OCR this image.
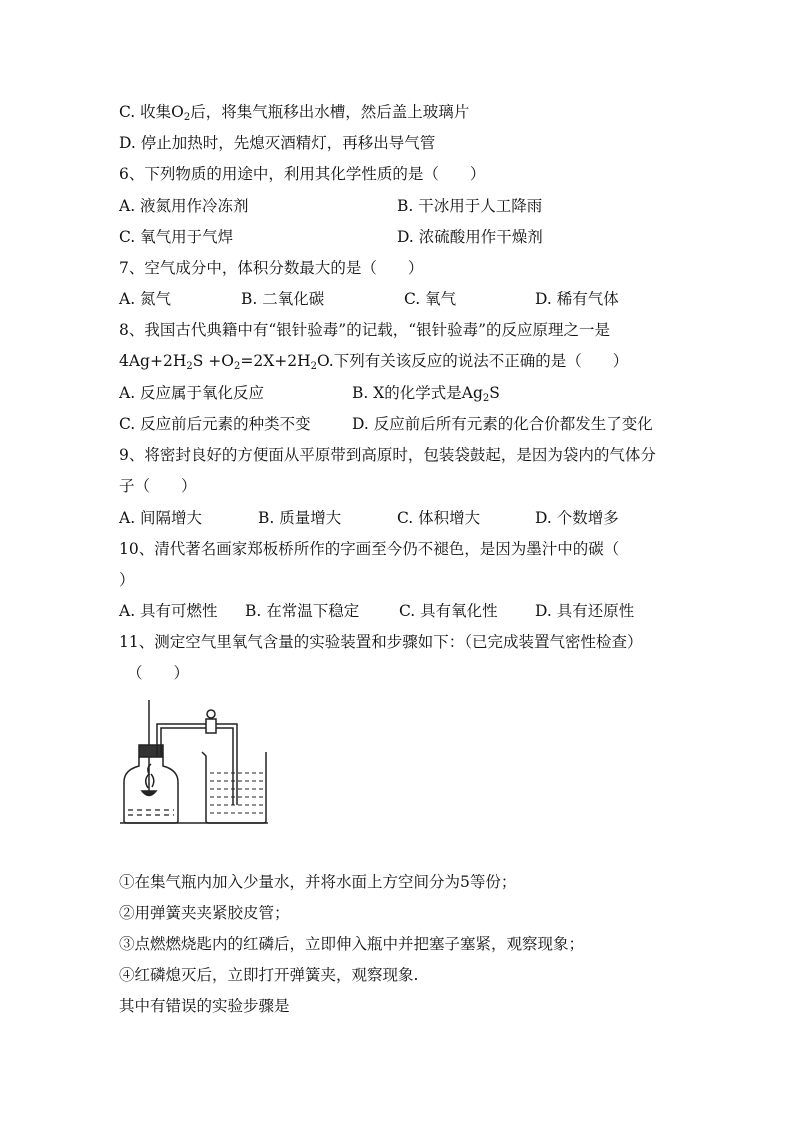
C. 收集$O_2$后，将集气瓶移出水槽，然后盖上玻璃片
D. 停止加热时，先熄灭酒精灯，再移出导气管
6、下列物质的用途中，利用其化学性质的是（　　）
A. 液氮用作冷冻剂	B. 干冰用于人工降雨
C. 氧气用于气焊	D. 浓硫酸用作干燥剂
7、空气成分中，体积分数最大的是（　　）
A. 氮气	B. 二氧化碳	C. 氧气	D. 稀有气体
8、我国古代典籍中有“银针验毒”的记载，“银针验毒”的反应原理之一是
$4Ag+2H_2S +O_2=2X+2H_2O$.下列有关该反应的说法不正确的是（　　）
A. 反应属于氧化反应	B. X的化学式是$Ag_2S$
C. 反应前后元素的种类不变	D. 反应前后所有元素的化合价都发生了变化
9、将密封良好的方便面从平原带到高原时，包装袋鼓起，是因为袋内的气体分
子（　　）
A. 间隔增大	B. 质量增大	C. 体积增大	D. 个数增多
10、清代著名画家郑板桥所作的字画至今仍不褪色，是因为墨汁中的碳（
）
A. 具有可燃性 B. 在常温下稳定	C. 具有氧化性 D. 具有还原性
11、测定空气里氧气含量的实验装置和步骤如下：（已完成装置气密性检查）
（　　）
①在集气瓶内加入少量水，并将水面上方空间分为5等份；
②用弹簧夹夹紧胶皮管；
③点燃燃烧匙内的红磷后，立即伸入瓶中并把塞子塞紧，观察现象；
④红磷熄灭后，立即打开弹簧夹，观察现象.
其中有错误的实验步骤是
